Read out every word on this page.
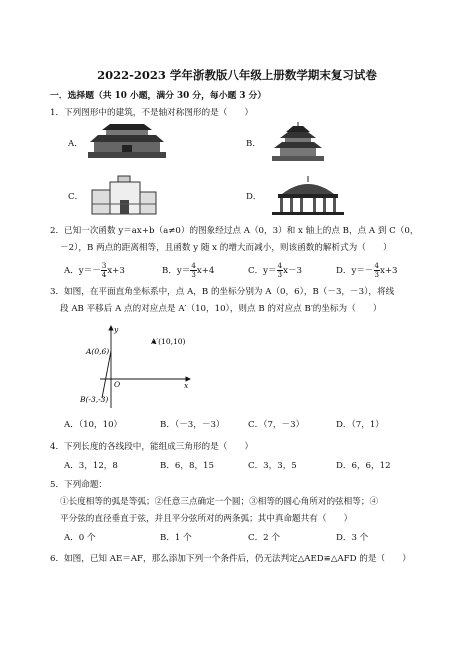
2022-2023 学年浙教版八年级上册数学期末复习试卷
一．选择题（共 10 小题，满分 30 分，每小题 3 分）
1．下列图形中的建筑，不是轴对称图形的是（　　）
A．	B．
C．	D．
2．已知一次函数 y＝ax+b（a≠0）的图象经过点 A（0，3）和 x 轴上的点 B，点 A 到 C（0，
－2），B 两点的距离相等，且函数 y 随 x 的增大而减小，则该函数的解析式为（　　）
A．$y=- \frac{3}{4} x+3$	B．$y= \frac{4}{3} x+4$	C．$y= \frac{4}{3} x-3$	D．$y=- \frac{4}{3} x+3$
3．如图，在平面直角坐标系中，点 A，B 的坐标分别为 A（0，6），B（－3，－3），将线
段 AB 平移后 A 点的对应点是 A′（10，10），则点 B 的对应点 B′的坐标为（　　）
A′(10,10)
A(0,6)
O	x
y
B(-3,-3)
A．（10，10）	B．（－3，－3）	C．（7，－3）	D．（7，1）
4．下列长度的各线段中，能组成三角形的是（　　）
A．3，12，8	B．6，8，15	C．3，3，5	D．6，6，12
5．下列命题：
①长度相等的弧是等弧；②任意三点确定一个圆；③相等的圆心角所对的弦相等；④
平分弦的直径垂直于弦，并且平分弦所对的两条弧；其中真命题共有（　　）
A．0 个	B．1 个	C．2 个	D．3 个
6．如图，已知 AE＝AF，那么添加下列一个条件后，仍无法判定△AED≌△AFD 的是（　　）
